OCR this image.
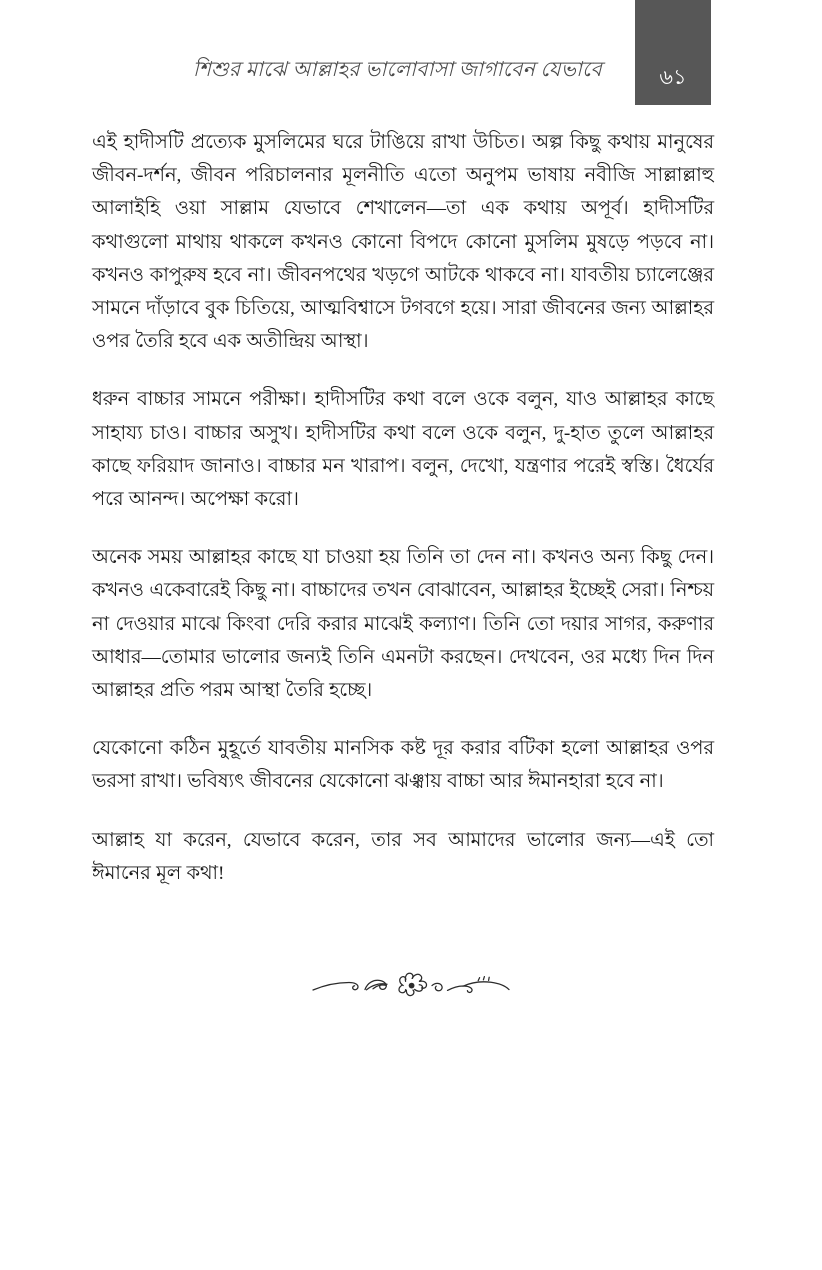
শিশুর মাঝে আল্লাহর ভালোবাসা জাগাবেন যেভাবে	৬১

এই হাদীসটি প্রত্যেক মুসলিমের ঘরে টাঙিয়ে রাখা উচিত। অল্প কিছু কথায় মানুষের জীবন-দর্শন, জীবন পরিচালনার মূলনীতি এতো অনুপম ভাষায় নবীজি সাল্লাল্লাহু আলাইহি ওয়া সাল্লাম যেভাবে শেখালেন—তা এক কথায় অপূর্ব। হাদীসটির কথাগুলো মাথায় থাকলে কখনও কোনো বিপদে কোনো মুসলিম মুষড়ে পড়বে না। কখনও কাপুরুষ হবে না। জীবনপথের খড়গে আটকে থাকবে না। যাবতীয় চ্যালেঞ্জের সামনে দাঁড়াবে বুক চিতিয়ে, আত্মবিশ্বাসে টগবগে হয়ে। সারা জীবনের জন্য আল্লাহর ওপর তৈরি হবে এক অতীন্দ্রিয় আস্থা।

ধরুন বাচ্চার সামনে পরীক্ষা। হাদীসটির কথা বলে ওকে বলুন, যাও আল্লাহর কাছে সাহায্য চাও। বাচ্চার অসুখ। হাদীসটির কথা বলে ওকে বলুন, দু-হাত তুলে আল্লাহর কাছে ফরিয়াদ জানাও। বাচ্চার মন খারাপ। বলুন, দেখো, যন্ত্রণার পরেই স্বস্তি। ধৈর্যের পরে আনন্দ। অপেক্ষা করো।

অনেক সময় আল্লাহর কাছে যা চাওয়া হয় তিনি তা দেন না। কখনও অন্য কিছু দেন। কখনও একেবারেই কিছু না। বাচ্চাদের তখন বোঝাবেন, আল্লাহর ইচ্ছেই সেরা। নিশ্চয় না দেওয়ার মাঝে কিংবা দেরি করার মাঝেই কল্যাণ। তিনি তো দয়ার সাগর, করুণার আধার—তোমার ভালোর জন্যই তিনি এমনটা করছেন। দেখবেন, ওর মধ্যে দিন দিন আল্লাহর প্রতি পরম আস্থা তৈরি হচ্ছে।

যেকোনো কঠিন মুহূর্তে যাবতীয় মানসিক কষ্ট দূর করার বটিকা হলো আল্লাহর ওপর ভরসা রাখা। ভবিষ্যৎ জীবনের যেকোনো ঝঞ্ঝায় বাচ্চা আর ঈমানহারা হবে না।

আল্লাহ যা করেন, যেভাবে করেন, তার সব আমাদের ভালোর জন্য—এই তো ঈমানের মূল কথা!
